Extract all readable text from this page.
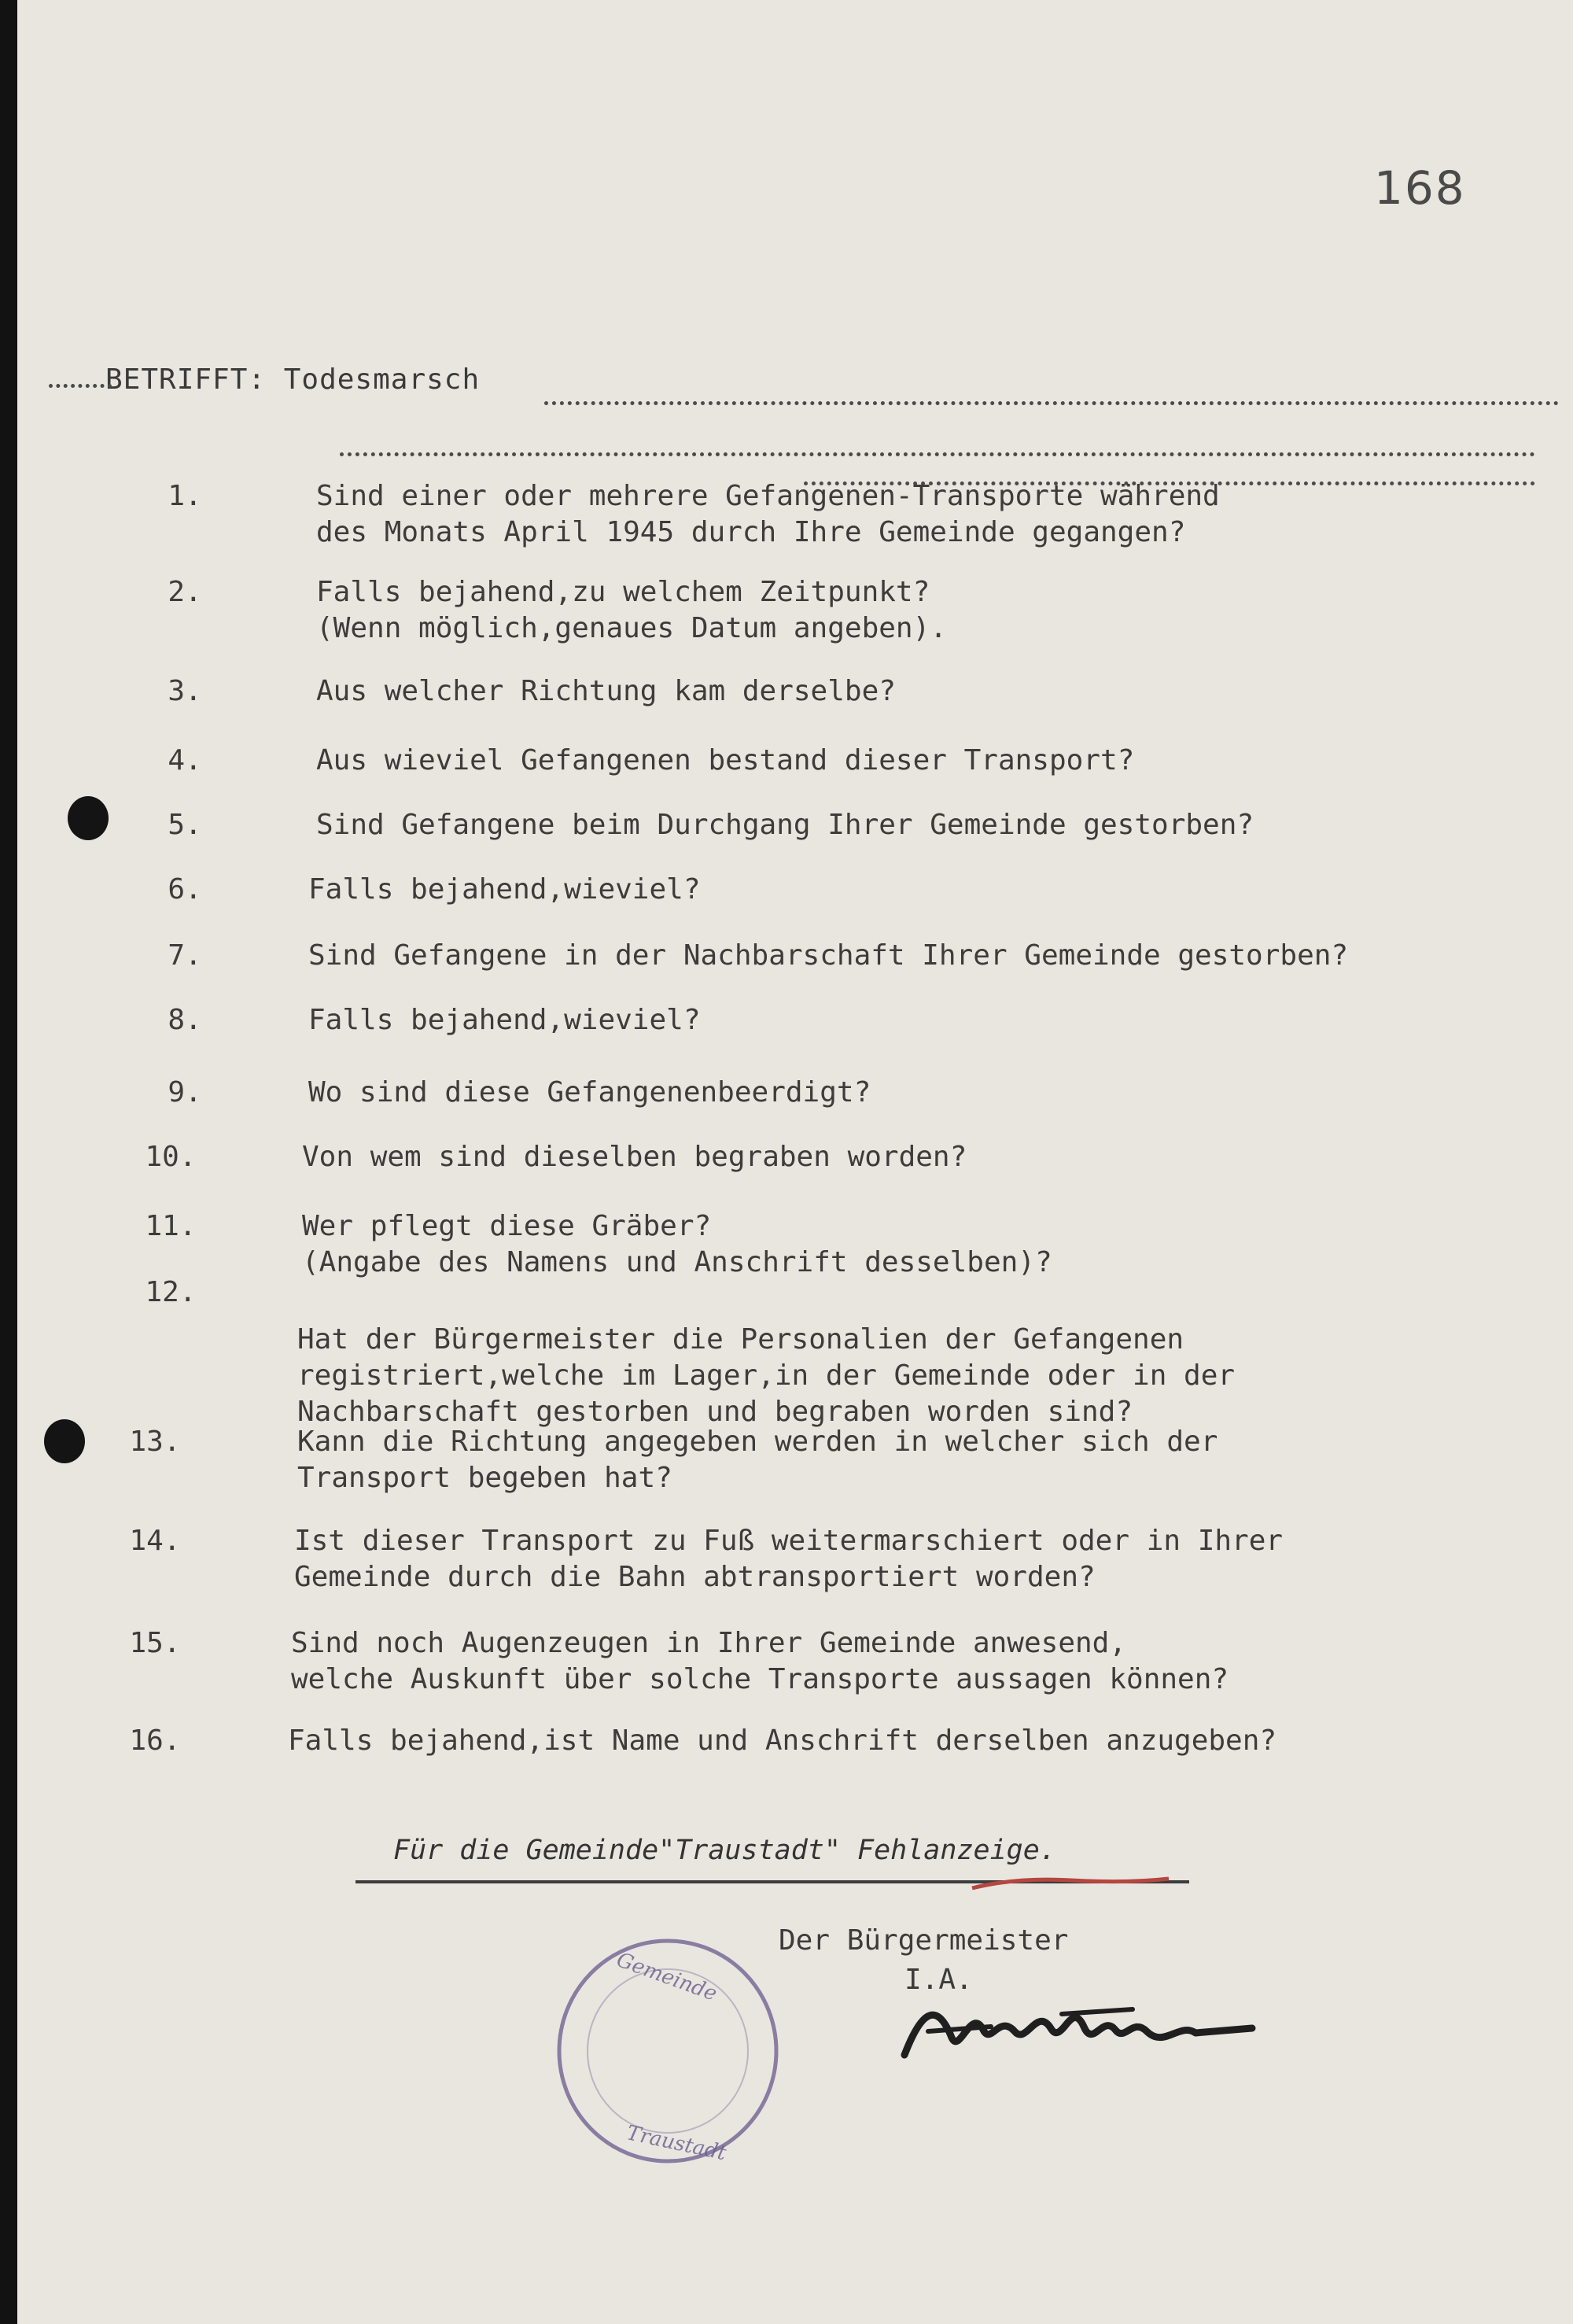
168
BETRIFFT: Todesmarsch
1.	Sind einer oder mehrere Gefangenen-Transporte während
des Monats April 1945 durch Ihre Gemeinde gegangen?
2.	Falls bejahend,zu welchem Zeitpunkt?
(Wenn möglich,genaues Datum angeben).
3.	Aus welcher Richtung kam derselbe?
4.	Aus wieviel Gefangenen bestand dieser Transport?
5.	Sind Gefangene beim Durchgang Ihrer Gemeinde gestorben?
6.	Falls bejahend,wieviel?
7.	Sind Gefangene in der Nachbarschaft Ihrer Gemeinde gestorben?
8.	Falls bejahend,wieviel?
9.	Wo sind diese Gefangenenbeerdigt?
10.	Von wem sind dieselben begraben worden?
11.	Wer pflegt diese Gräber?
(Angabe des Namens und Anschrift desselben)?
12.
Hat der Bürgermeister die Personalien der Gefangenen
registriert,welche im Lager,in der Gemeinde oder in der
Nachbarschaft gestorben und begraben worden sind?
13.	Kann die Richtung angegeben werden in welcher sich der
Transport begeben hat?
14.	Ist dieser Transport zu Fuß weitermarschiert oder in Ihrer
Gemeinde durch die Bahn abtransportiert worden?
15.	Sind noch Augenzeugen in Ihrer Gemeinde anwesend,
welche Auskunft über solche Transporte aussagen können?
16.	Falls bejahend,ist Name und Anschrift derselben anzugeben?
Für die Gemeinde"Traustadt" Fehlanzeige.
Der Bürgermeister
I.A.
Gemeinde
Traustadt
